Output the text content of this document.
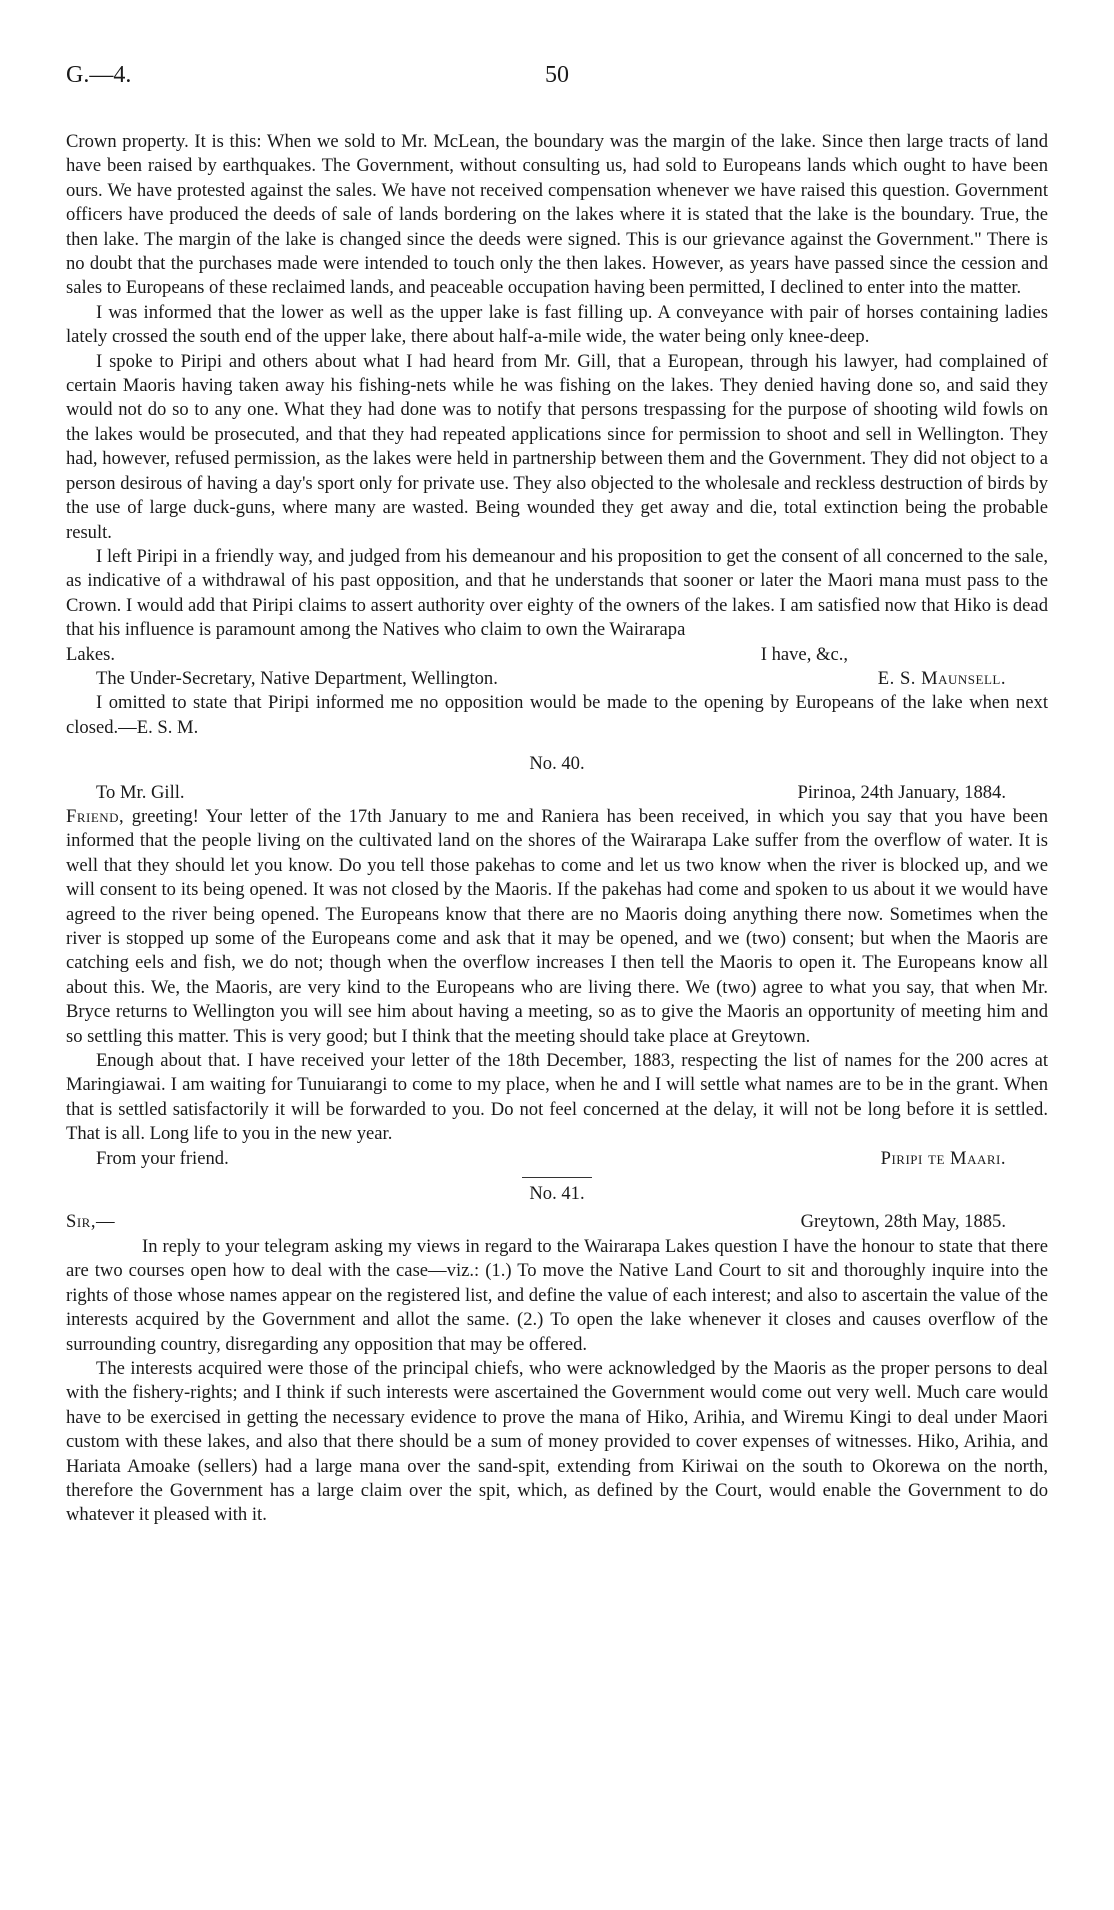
G.—4.	50

Crown property. It is this: When we sold to Mr. McLean, the boundary was the margin of the lake. Since then large tracts of land have been raised by earthquakes. The Government, without consulting us, had sold to Europeans lands which ought to have been ours. We have protested against the sales. We have not received compensation whenever we have raised this question. Government officers have produced the deeds of sale of lands bordering on the lakes where it is stated that the lake is the boundary. True, the then lake. The margin of the lake is changed since the deeds were signed. This is our grievance against the Government." There is no doubt that the purchases made were intended to touch only the then lakes. However, as years have passed since the cession and sales to Europeans of these reclaimed lands, and peaceable occupation having been permitted, I declined to enter into the matter.

I was informed that the lower as well as the upper lake is fast filling up. A conveyance with pair of horses containing ladies lately crossed the south end of the upper lake, there about half-a-mile wide, the water being only knee-deep.

I spoke to Piripi and others about what I had heard from Mr. Gill, that a European, through his lawyer, had complained of certain Maoris having taken away his fishing-nets while he was fishing on the lakes. They denied having done so, and said they would not do so to any one. What they had done was to notify that persons trespassing for the purpose of shooting wild fowls on the lakes would be prosecuted, and that they had repeated applications since for permission to shoot and sell in Wellington. They had, however, refused permission, as the lakes were held in partnership between them and the Government. They did not object to a person desirous of having a day's sport only for private use. They also objected to the wholesale and reckless destruction of birds by the use of large duck-guns, where many are wasted. Being wounded they get away and die, total extinction being the probable result.

I left Piripi in a friendly way, and judged from his demeanour and his proposition to get the consent of all concerned to the sale, as indicative of a withdrawal of his past opposition, and that he understands that sooner or later the Maori mana must pass to the Crown. I would add that Piripi claims to assert authority over eighty of the owners of the lakes. I am satisfied now that Hiko is dead that his influence is paramount among the Natives who claim to own the Wairarapa

Lakes.	I have, &c.,
The Under-Secretary, Native Department, Wellington.	E. S. Maunsell.

I omitted to state that Piripi informed me no opposition would be made to the opening by Europeans of the lake when next closed.—E. S. M.

No. 40.
To Mr. Gill.	Pirinoa, 24th January, 1884.

Friend, greeting! Your letter of the 17th January to me and Raniera has been received, in which you say that you have been informed that the people living on the cultivated land on the shores of the Wairarapa Lake suffer from the overflow of water. It is well that they should let you know. Do you tell those pakehas to come and let us two know when the river is blocked up, and we will consent to its being opened. It was not closed by the Maoris. If the pakehas had come and spoken to us about it we would have agreed to the river being opened. The Europeans know that there are no Maoris doing anything there now. Sometimes when the river is stopped up some of the Europeans come and ask that it may be opened, and we (two) consent; but when the Maoris are catching eels and fish, we do not; though when the overflow increases I then tell the Maoris to open it. The Europeans know all about this. We, the Maoris, are very kind to the Europeans who are living there. We (two) agree to what you say, that when Mr. Bryce returns to Wellington you will see him about having a meeting, so as to give the Maoris an opportunity of meeting him and so settling this matter. This is very good; but I think that the meeting should take place at Greytown.

Enough about that. I have received your letter of the 18th December, 1883, respecting the list of names for the 200 acres at Maringiawai. I am waiting for Tunuiarangi to come to my place, when he and I will settle what names are to be in the grant. When that is settled satisfactorily it will be forwarded to you. Do not feel concerned at the delay, it will not be long before it is settled. That is all. Long life to you in the new year.

From your friend.	Piripi te Maari.
No. 41.
Sir,—	Greytown, 28th May, 1885.

In reply to your telegram asking my views in regard to the Wairarapa Lakes question I have the honour to state that there are two courses open how to deal with the case—viz.: (1.) To move the Native Land Court to sit and thoroughly inquire into the rights of those whose names appear on the registered list, and define the value of each interest; and also to ascertain the value of the interests acquired by the Government and allot the same. (2.) To open the lake whenever it closes and causes overflow of the surrounding country, disregarding any opposition that may be offered.

The interests acquired were those of the principal chiefs, who were acknowledged by the Maoris as the proper persons to deal with the fishery-rights; and I think if such interests were ascertained the Government would come out very well. Much care would have to be exercised in getting the necessary evidence to prove the mana of Hiko, Arihia, and Wiremu Kingi to deal under Maori custom with these lakes, and also that there should be a sum of money provided to cover expenses of witnesses. Hiko, Arihia, and Hariata Amoake (sellers) had a large mana over the sand-spit, extending from Kiriwai on the south to Okorewa on the north, therefore the Government has a large claim over the spit, which, as defined by the Court, would enable the Government to do whatever it pleased with it.
